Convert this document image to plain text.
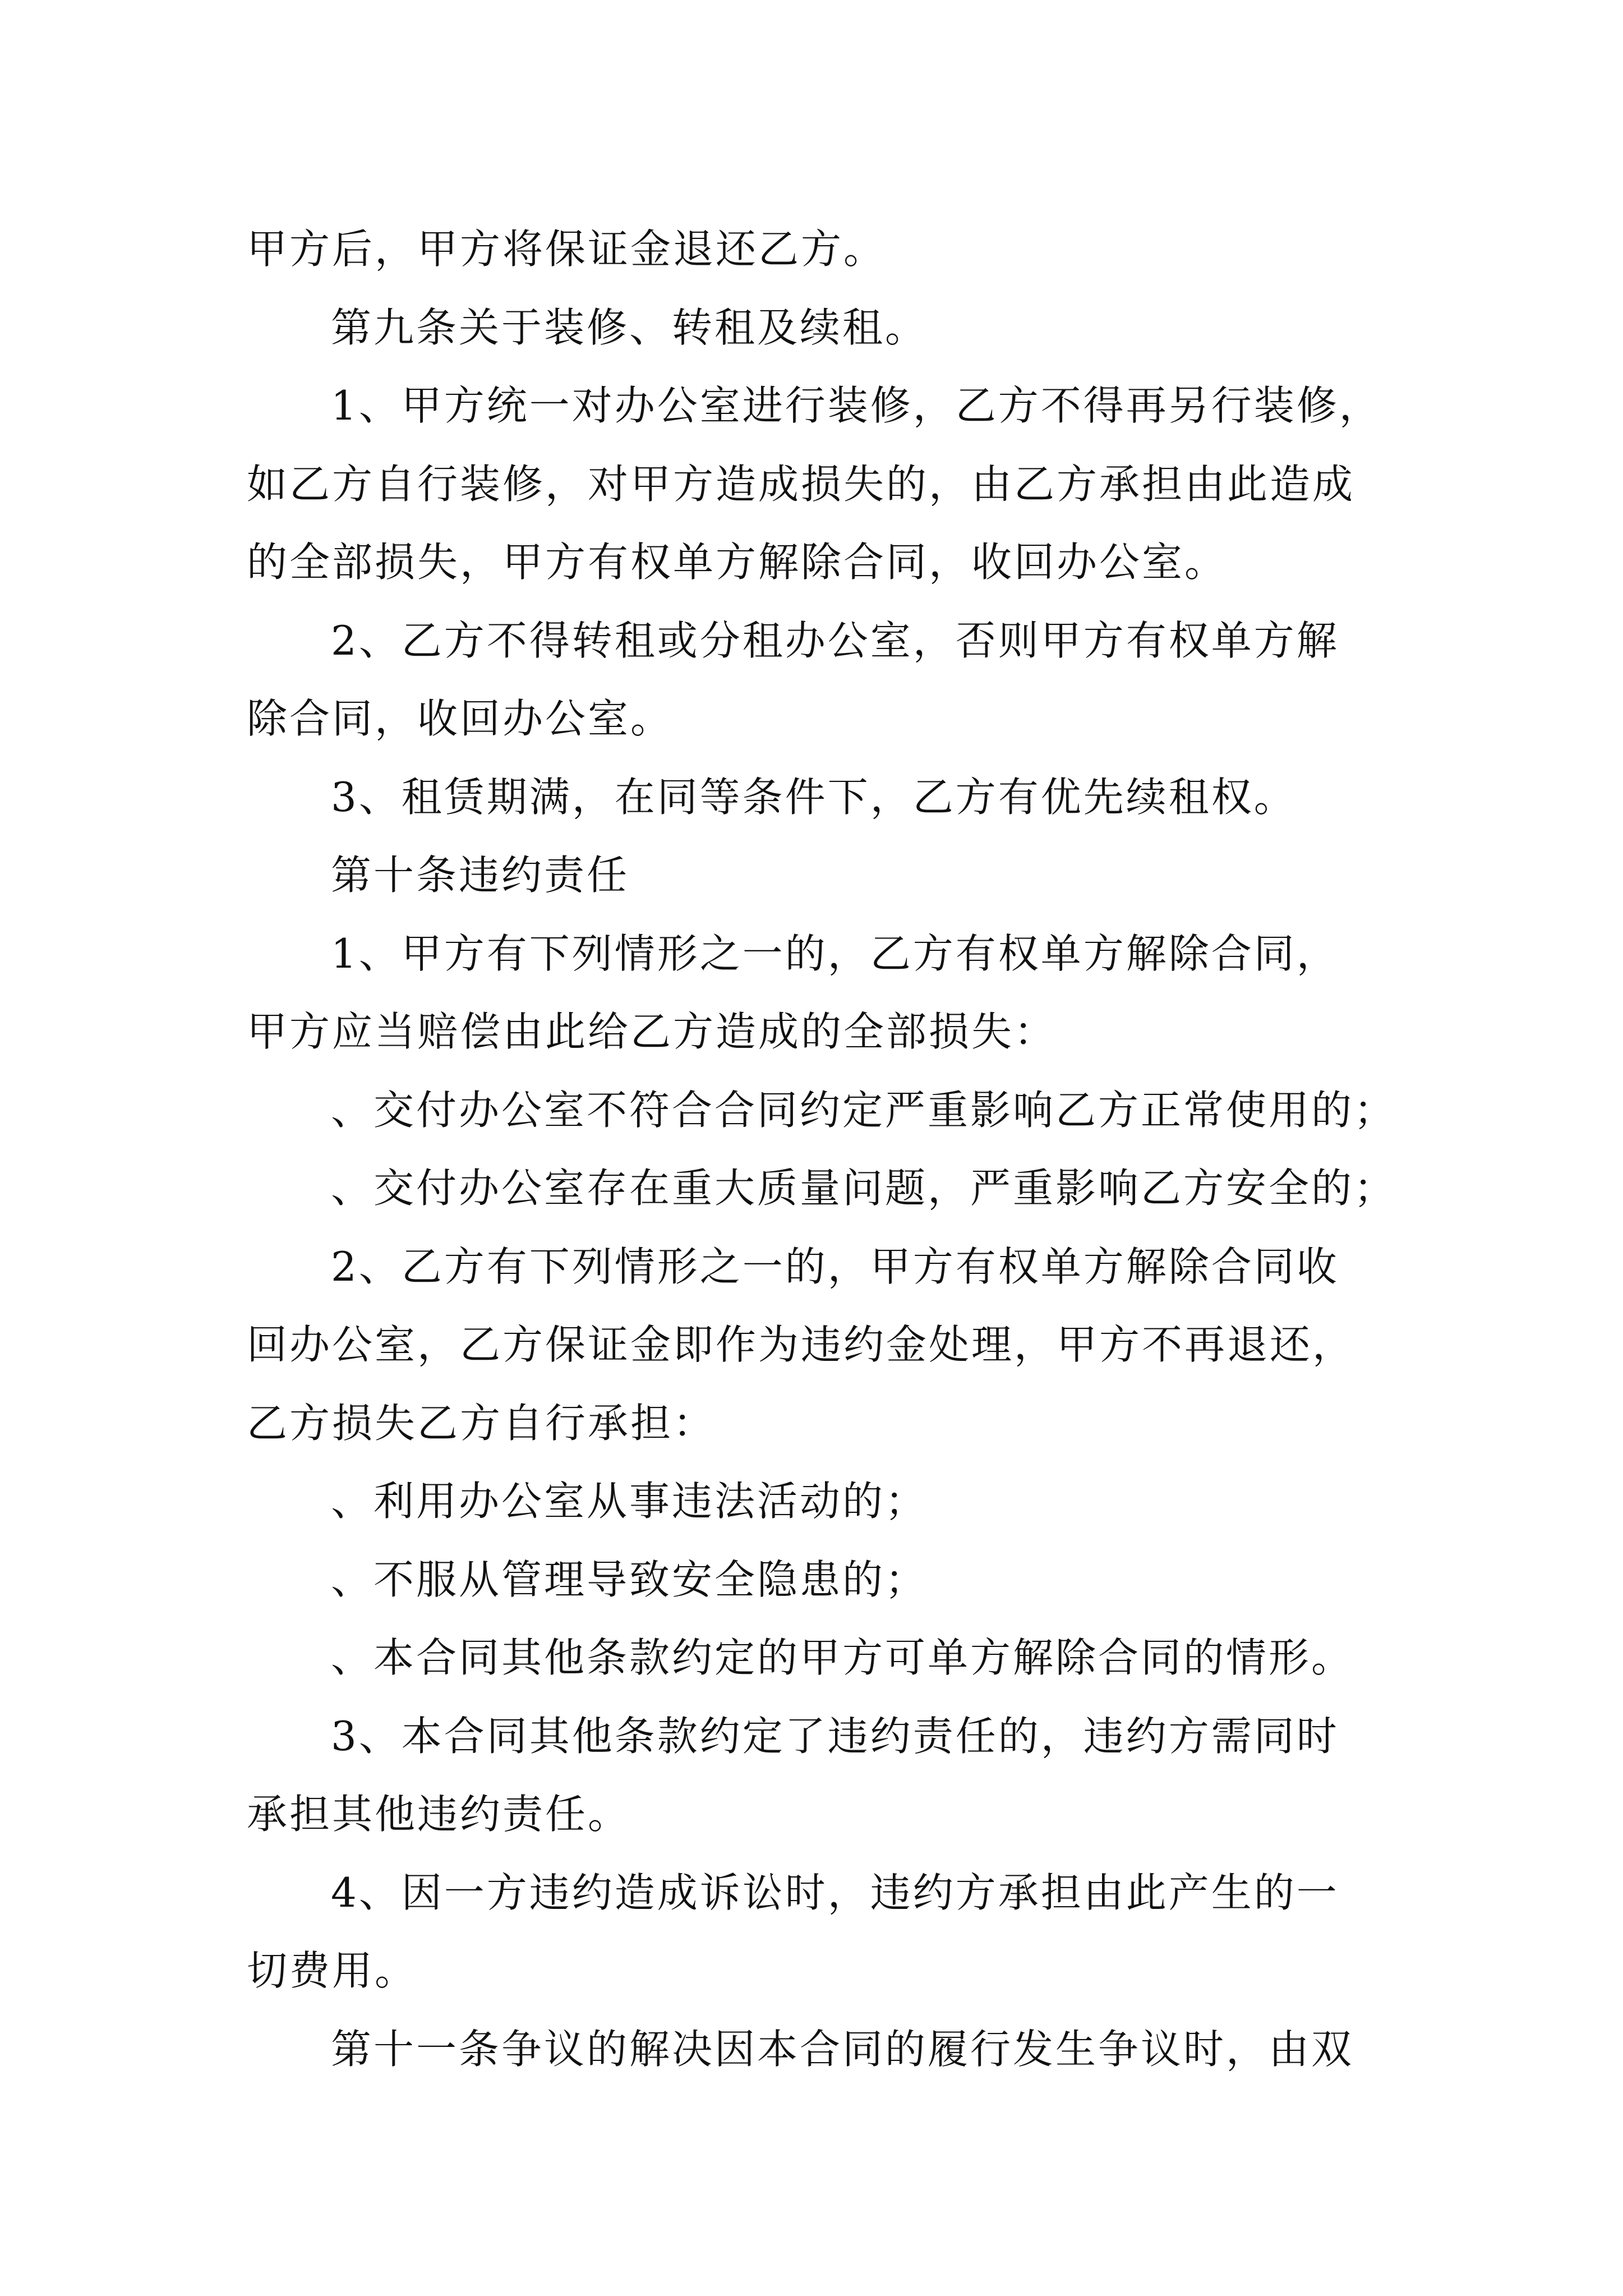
甲方后，甲方将保证金退还乙方。
第九条关于装修、转租及续租。
1、甲方统一对办公室进行装修，乙方不得再另行装修，
如乙方自行装修，对甲方造成损失的，由乙方承担由此造成
的全部损失，甲方有权单方解除合同，收回办公室。
2、乙方不得转租或分租办公室，否则甲方有权单方解
除合同，收回办公室。
3、租赁期满，在同等条件下，乙方有优先续租权。
第十条违约责任
1、甲方有下列情形之一的，乙方有权单方解除合同，
甲方应当赔偿由此给乙方造成的全部损失：
、交付办公室不符合合同约定严重影响乙方正常使用的；
、交付办公室存在重大质量问题，严重影响乙方安全的；
2、乙方有下列情形之一的，甲方有权单方解除合同收
回办公室，乙方保证金即作为违约金处理，甲方不再退还，
乙方损失乙方自行承担：
、利用办公室从事违法活动的；
、不服从管理导致安全隐患的；
、本合同其他条款约定的甲方可单方解除合同的情形。
3、本合同其他条款约定了违约责任的，违约方需同时
承担其他违约责任。
4、因一方违约造成诉讼时，违约方承担由此产生的一
切费用。
第十一条争议的解决因本合同的履行发生争议时，由双
